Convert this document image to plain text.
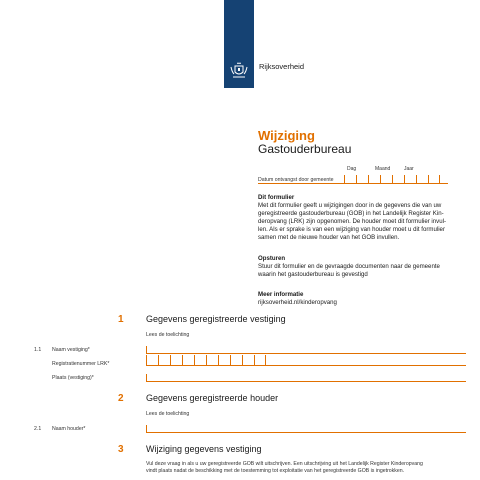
Rijksoverheid
Wijziging
Gastouderbureau
Dag	Maand	Jaar
Datum ontvangst door gemeente
Dit formulier
Met dit formulier geeft u wijzigingen door in de gegevens die van uw
geregistreerde gastouderbureau (GOB) in het Landelijk Register Kin-
deropvang (LRK) zijn opgenomen. De houder moet dit formulier invul-
len. Als er sprake is van een wijziging van houder moet u dit formulier
samen met de nieuwe houder van het GOB invullen.
Opsturen
Stuur dit formulier en de gevraagde documenten naar de gemeente
waarin het gastouderbureau is gevestigd
Meer informatie
rijksoverheid.nl/kinderopvang
1 Gegevens geregistreerde vestiging
Lees de toelichting
1.1 Naam vestiging*
Registratienummer LRK*
Plaats (vestiging)*
2 Gegevens geregistreerde houder
Lees de toelichting
2.1 Naam houder*
3 Wijziging gegevens vestiging
Vul deze vraag in als u uw geregistreerde GOB wilt uitschrijven. Een uitschrijving uit het Landelijk Register Kinderopvang
vindt plaats nadat de beschikking met de toestemming tot exploitatie van het geregistreerde GOB is ingetrokken.
